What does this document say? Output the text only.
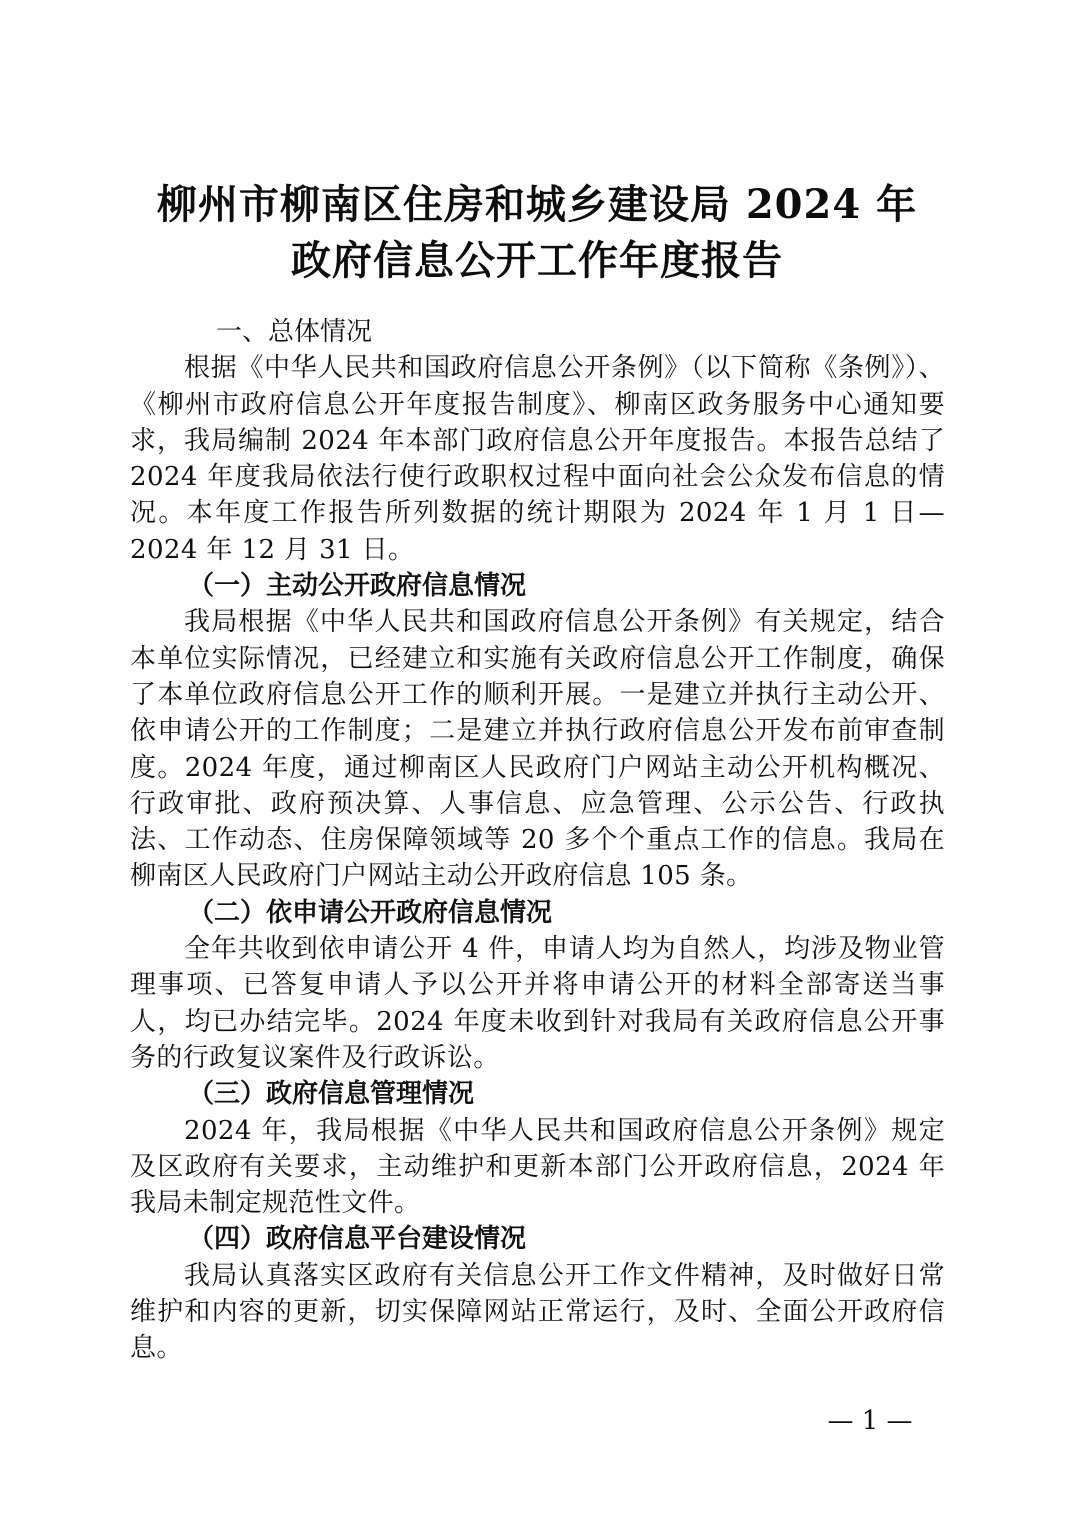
柳州市柳南区住房和城乡建设局 2024 年
政府信息公开工作年度报告

一、总体情况

根据《中华人民共和国政府信息公开条例》（以下简称《条例》）、《柳州市政府信息公开年度报告制度》、柳南区政务服务中心通知要求，我局编制 2024 年本部门政府信息公开年度报告。本报告总结了 2024 年度我局依法行使行政职权过程中面向社会公众发布信息的情况。本年度工作报告所列数据的统计期限为 2024 年 1 月 1 日—2024 年 12 月 31 日。

（一）主动公开政府信息情况

我局根据《中华人民共和国政府信息公开条例》有关规定，结合本单位实际情况，已经建立和实施有关政府信息公开工作制度，确保了本单位政府信息公开工作的顺利开展。一是建立并执行主动公开、依申请公开的工作制度；二是建立并执行政府信息公开发布前审查制度。2024 年度，通过柳南区人民政府门户网站主动公开机构概况、行政审批、政府预决算、人事信息、应急管理、公示公告、行政执法、工作动态、住房保障领域等 20 多个个重点工作的信息。我局在柳南区人民政府门户网站主动公开政府信息 105 条。

（二）依申请公开政府信息情况

全年共收到依申请公开 4 件，申请人均为自然人，均涉及物业管理事项、已答复申请人予以公开并将申请公开的材料全部寄送当事人，均已办结完毕。2024 年度未收到针对我局有关政府信息公开事务的行政复议案件及行政诉讼。

（三）政府信息管理情况

2024 年，我局根据《中华人民共和国政府信息公开条例》规定及区政府有关要求，主动维护和更新本部门公开政府信息，2024 年我局未制定规范性文件。

（四）政府信息平台建设情况

我局认真落实区政府有关信息公开工作文件精神，及时做好日常维护和内容的更新，切实保障网站正常运行，及时、全面公开政府信息。

— 1 —
